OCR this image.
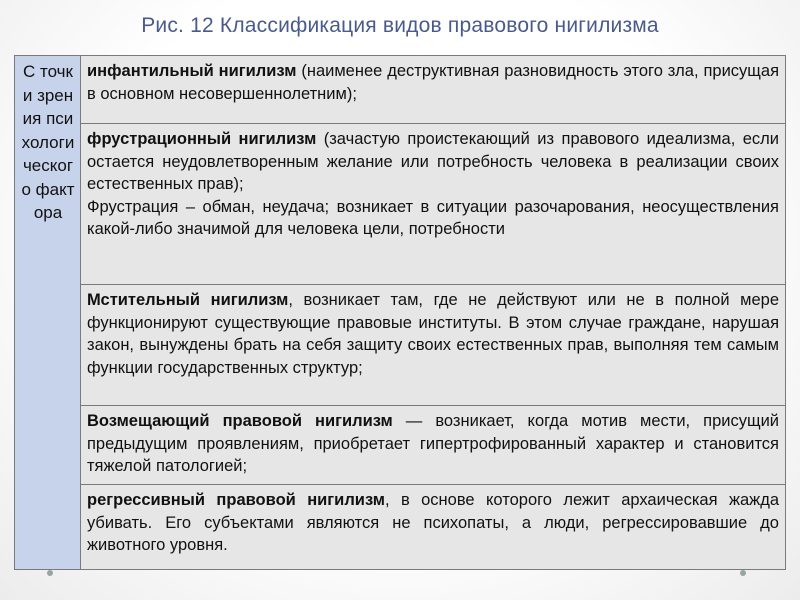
Рис. 12 Классификация видов правового нигилизма
С точки зрения психологического фактора
	инфантильный нигилизм (наименее деструктивная разновидность этого зла, присущая в основном несовершеннолетним);
фрустрационный нигилизм (зачастую проистекающий из правового идеализма, если остается неудовлетворенным желание или потребность человека в реализации своих естественных прав);
Фрустрация – обман, неудача; возникает в ситуации разочарования, неосуществления какой-либо значимой для человека цели, потребности

Мстительный нигилизм, возникает там, где не действуют или не в полной мере функционируют существующие правовые институты. В этом случае граждане, нарушая закон, вынуждены брать на себя защиту своих естественных прав, выполняя тем самым функции государственных структур;
Возмещающий правовой нигилизм — возникает, когда мотив мести, присущий предыдущим проявлениям, приобретает гипертрофированный характер и становится тяжелой патологией;
регрессивный правовой нигилизм, в основе которого лежит архаическая жажда убивать. Его субъектами являются не психопаты, а люди, регрессировавшие до животного уровня.
